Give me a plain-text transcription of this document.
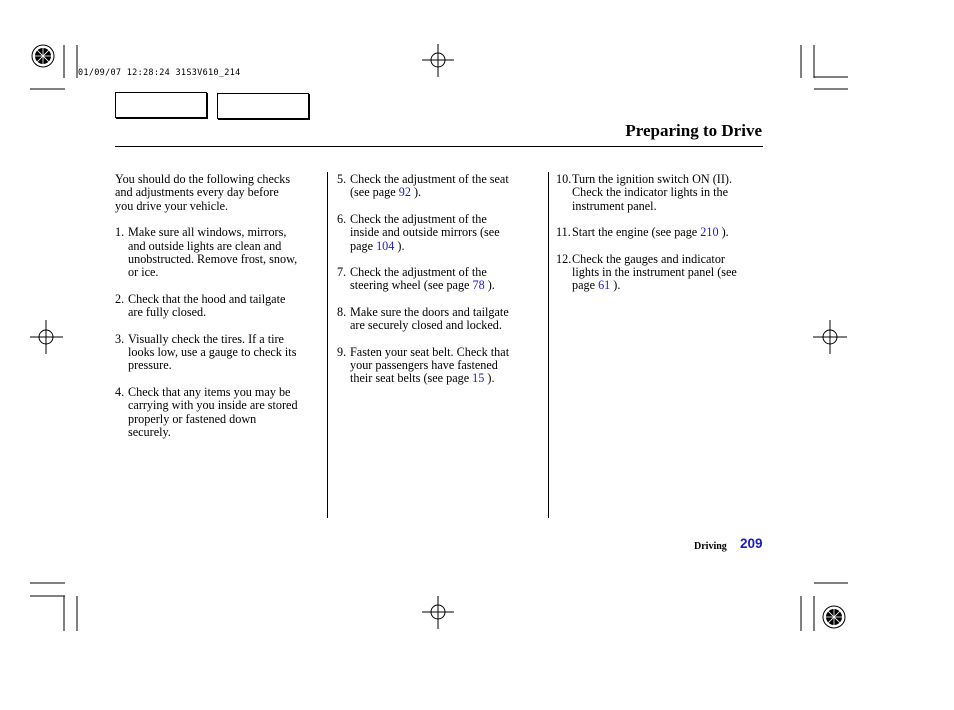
01/09/07 12:28:24 31S3V610_214
Preparing to Drive
You should do the following checks
and adjustments every day before
you drive your vehicle.
1. Make sure all windows, mirrors,
and outside lights are clean and
unobstructed. Remove frost, snow,
or ice.
2. Check that the hood and tailgate
are fully closed.
3. Visually check the tires. If a tire
looks low, use a gauge to check its
pressure.
4. Check that any items you may be
carrying with you inside are stored
properly or fastened down
securely.
5. Check the adjustment of the seat
(see page 92 ).
6. Check the adjustment of the
inside and outside mirrors (see
page 104 ).
7. Check the adjustment of the
steering wheel (see page 78 ).
8. Make sure the doors and tailgate
are securely closed and locked.
9. Fasten your seat belt. Check that
your passengers have fastened
their seat belts (see page 15 ).
10. Turn the ignition switch ON (II).
Check the indicator lights in the
instrument panel.
11. Start the engine (see page 210 ).
12. Check the gauges and indicator
lights in the instrument panel (see
page 61 ).
Driving 209
